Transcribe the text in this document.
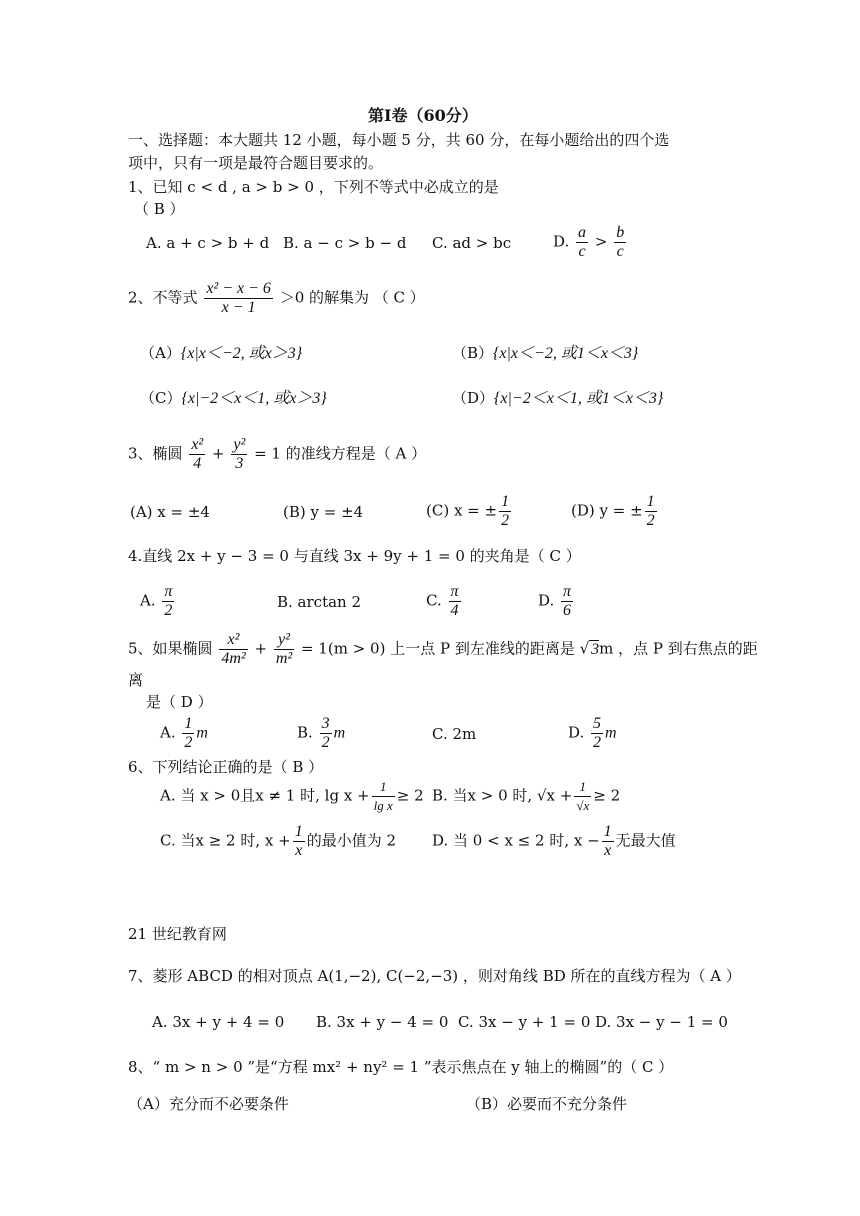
第Ⅰ卷（60分）
一、选择题：本大题共 12 小题，每小题 5 分，共 60 分，在每小题给出的四个选
项中，只有一项是最符合题目要求的。
1、已知 c < d , a > b > 0 ，下列不等式中必成立的是
（ B ）
A. a + c > b + d B. a − c > b − d C. ad > bc	D. $\frac{a}{c} > \frac{b}{c}$
2、不等式 $\frac{\text{x² − x − 6}}{x - 1} >0$ 的解集为 （ C ）
（A）{x|x＜−2, 或x＞3}	（B）{x|x＜−2, 或1＜x＜3}
（C）{x|−2＜x＜1, 或x＞3}	（D）{x|−2＜x＜1, 或1＜x＜3}
3、椭圆 $\frac{\text{x²}}{4} + \frac{\text{y²}}{3} = 1$ 的准线方程是（ A ）
(A) x = ±4	(B) y = ±4	(C) x = ± $\frac{1}{2}$	(D) y = ± $\frac{1}{2}$
4.直线 2x + y − 3 = 0 与直线 3x + 9y + 1 = 0 的夹角是（ C ）
A. $\frac{\pi}{2}$	B. arctan 2	C. $\frac{\pi}{4}$	D. $\frac{\pi}{6}$
5、如果椭圆 $\frac{\text{x²}}{\text{4m²}} + \frac{\text{y²}}{\text{m²}} = 1(m > 0)$ 上一点 P 到左准线的距离是 √ 3m ，点 P 到右焦点的距
离
是（ D ）
A. $\frac{1}{2}$ m	B. $\frac{3}{2}$ m	C. 2m	D. $\frac{5}{2}$ m
6、下列结论正确的是（ B ）
A. 当 x > 0且x ≠ 1 时, $\lg x + \frac{1}{\text{lg x}} \ge 2$ B. 当x > 0 时, $√x + \frac{1}{√x} \ge 2$
C. 当x ≥ 2 时, $x + \frac{1}{x}$ 的最小值为 2 D. 当 0 < x ≤ 2 时, $x - \frac{1}{x}$ 无最大值
21 世纪教育网
7、菱形 ABCD 的相对顶点 A(1,−2), C(−2,−3) ，则对角线 BD 所在的直线方程为（ A ）
A. 3x + y + 4 = 0 B. 3x + y − 4 = 0 C. 3x − y + 1 = 0 D. 3x − y − 1 = 0
8、“ m > n > 0 ”是“方程 mx² + ny² = 1 ”表示焦点在 y 轴上的椭圆”的（ C ）
（A）充分而不必要条件	（B）必要而不充分条件
